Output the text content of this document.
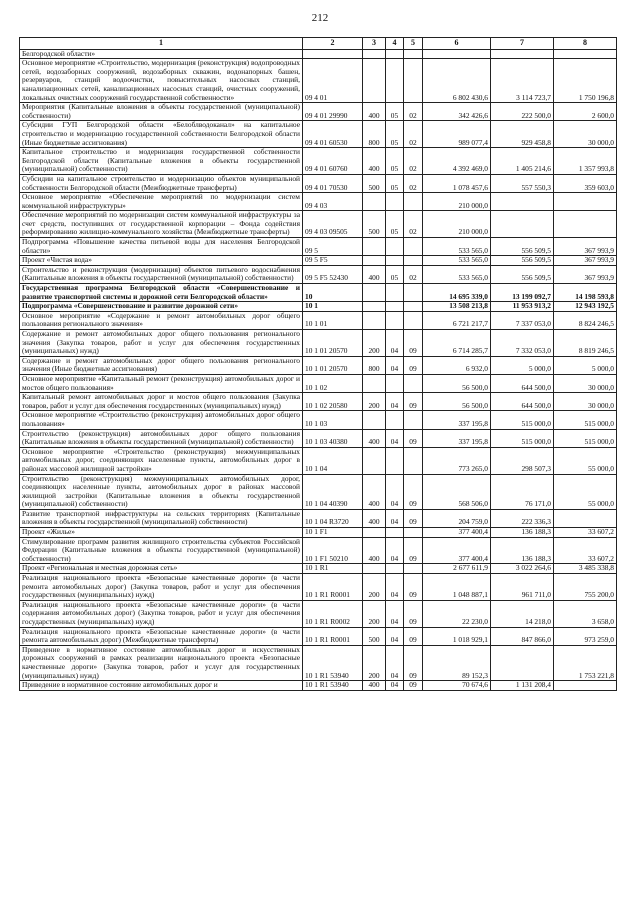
212
1	2	3	4	5	6	7	8
Белгородской области»							
Основное мероприятие «Строительство, модернизация (реконструкция) водопроводных сетей, водозаборных сооружений, водозаборных скважин, водонапорных башен, резервуаров, станций водоочистки, повысительных насосных станций, канализационных сетей, канализационных насосных станций, очистных сооружений, локальных очистных сооружений государственной собственности»	09 4 01				6 802 430,6	3 114 723,7	1 750 196,8
Мероприятия (Капитальные вложения в объекты государственной (муниципальной) собственности)	09 4 01 29990	400	05	02	342 426,6	222 500,0	2 600,0
Субсидии ГУП Белгородской области «Белоблводоканал» на капитальное строительство и модернизацию государственной собственности Белгородской области (Иные бюджетные ассигнования)	09 4 01 60530	800	05	02	989 077,4	929 458,8	30 000,0
Капитальное строительство и модернизация государственной собственности Белгородской области (Капитальные вложения в объекты государственной (муниципальной) собственности)	09 4 01 60760	400	05	02	4 392 469,0	1 405 214,6	1 357 993,8
Субсидии на капитальное строительство и модернизацию объектов муниципальной собственности Белгородской области (Межбюджетные трансферты)	09 4 01 70530	500	05	02	1 078 457,6	557 550,3	359 603,0
Основное мероприятие «Обеспечение мероприятий по модернизации систем коммунальной инфраструктуры»	09 4 03				210 000,0		
Обеспечение мероприятий по модернизации систем коммунальной инфраструктуры за счет средств, поступивших от государственной корпорации – Фонда содействия реформированию жилищно-коммунального хозяйства (Межбюджетные трансферты)	09 4 03 09505	500	05	02	210 000,0		
Подпрограмма «Повышение качества питьевой воды для населения Белгородской области»	09 5				533 565,0	556 509,5	367 993,9
Проект «Чистая вода»	09 5 F5				533 565,0	556 509,5	367 993,9
Строительство и реконструкция (модернизация) объектов питьевого водоснабжения (Капитальные вложения в объекты государственной (муниципальной) собственности)	09 5 F5 52430	400	05	02	533 565,0	556 509,5	367 993,9
Государственная программа Белгородской области «Совершенствование и развитие транспортной системы и дорожной сети Белгородской области»	10				14 695 339,0	13 199 092,7	14 198 593,8
Подпрограмма «Совершенствование и развитие дорожной сети»	10 1				13 508 213,8	11 953 913,2	12 943 192,5
Основное мероприятие «Содержание и ремонт автомобильных дорог общего пользования регионального значения»	10 1 01				6 721 217,7	7 337 053,0	8 824 246,5
Содержание и ремонт автомобильных дорог общего пользования регионального значения (Закупка товаров, работ и услуг для обеспечения государственных (муниципальных) нужд)	10 1 01 20570	200	04	09	6 714 285,7	7 332 053,0	8 819 246,5
Содержание и ремонт автомобильных дорог общего пользования регионального значения (Иные бюджетные ассигнования)	10 1 01 20570	800	04	09	6 932,0	5 000,0	5 000,0
Основное мероприятие «Капитальный ремонт (реконструкция) автомобильных дорог и мостов общего пользования»	10 1 02				56 500,0	644 500,0	30 000,0
Капитальный ремонт автомобильных дорог и мостов общего пользования (Закупка товаров, работ и услуг для обеспечения государственных (муниципальных) нужд)	10 1 02 20580	200	04	09	56 500,0	644 500,0	30 000,0
Основное мероприятие «Строительство (реконструкция) автомобильных дорог общего пользования»	10 1 03				337 195,8	515 000,0	515 000,0
Строительство (реконструкция) автомобильных дорог общего пользования (Капитальные вложения в объекты государственной (муниципальной) собственности)	10 1 03 40380	400	04	09	337 195,8	515 000,0	515 000,0
Основное мероприятие «Строительство (реконструкция) межмуниципальных автомобильных дорог, соединяющих населенные пункты, автомобильных дорог в районах массовой жилищной застройки»	10 1 04				773 265,0	298 507,3	55 000,0
Строительство (реконструкция) межмуниципальных автомобильных дорог, соединяющих населенные пункты, автомобильных дорог в районах массовой жилищной застройки (Капитальные вложения в объекты государственной (муниципальной) собственности)	10 1 04 40390	400	04	09	568 506,0	76 171,0	55 000,0
Развитие транспортной инфраструктуры на сельских территориях (Капитальные вложения в объекты государственной (муниципальной) собственности)	10 1 04 R3720	400	04	09	204 759,0	222 336,3	
Проект «Жилье»	10 1 F1				377 400,4	136 188,3	33 607,2
Стимулирование программ развития жилищного строительства субъектов Российской Федерации (Капитальные вложения в объекты государственной (муниципальной) собственности)	10 1 F1 50210	400	04	09	377 400,4	136 188,3	33 607,2
Проект «Региональная и местная дорожная сеть»	10 1 R1				2 677 611,9	3 022 264,6	3 485 338,8
Реализация национального проекта «Безопасные качественные дороги» (в части ремонта автомобильных дорог) (Закупка товаров, работ и услуг для обеспечения государственных (муниципальных) нужд)	10 1 R1 R0001	200	04	09	1 048 887,1	961 711,0	755 200,0
Реализация национального проекта «Безопасные качественные дороги» (в части содержания автомобильных дорог) (Закупка товаров, работ и услуг для обеспечения государственных (муниципальных) нужд)	10 1 R1 R0002	200	04	09	22 230,0	14 218,0	3 658,0
Реализация национального проекта «Безопасные качественные дороги» (в части ремонта автомобильных дорог) (Межбюджетные трансферты)	10 1 R1 R0001	500	04	09	1 018 929,1	847 866,0	973 259,0
Приведение в нормативное состояние автомобильных дорог и искусственных дорожных сооружений в рамках реализации национального проекта «Безопасные качественные дороги» (Закупка товаров, работ и услуг для государственных (муниципальных) нужд)	10 1 R1 53940	200	04	09	89 152,3		1 753 221,8
Приведение в нормативное состояние автомобильных дорог и	10 1 R1 53940	400	04	09	70 674,6	1 131 208,4	
